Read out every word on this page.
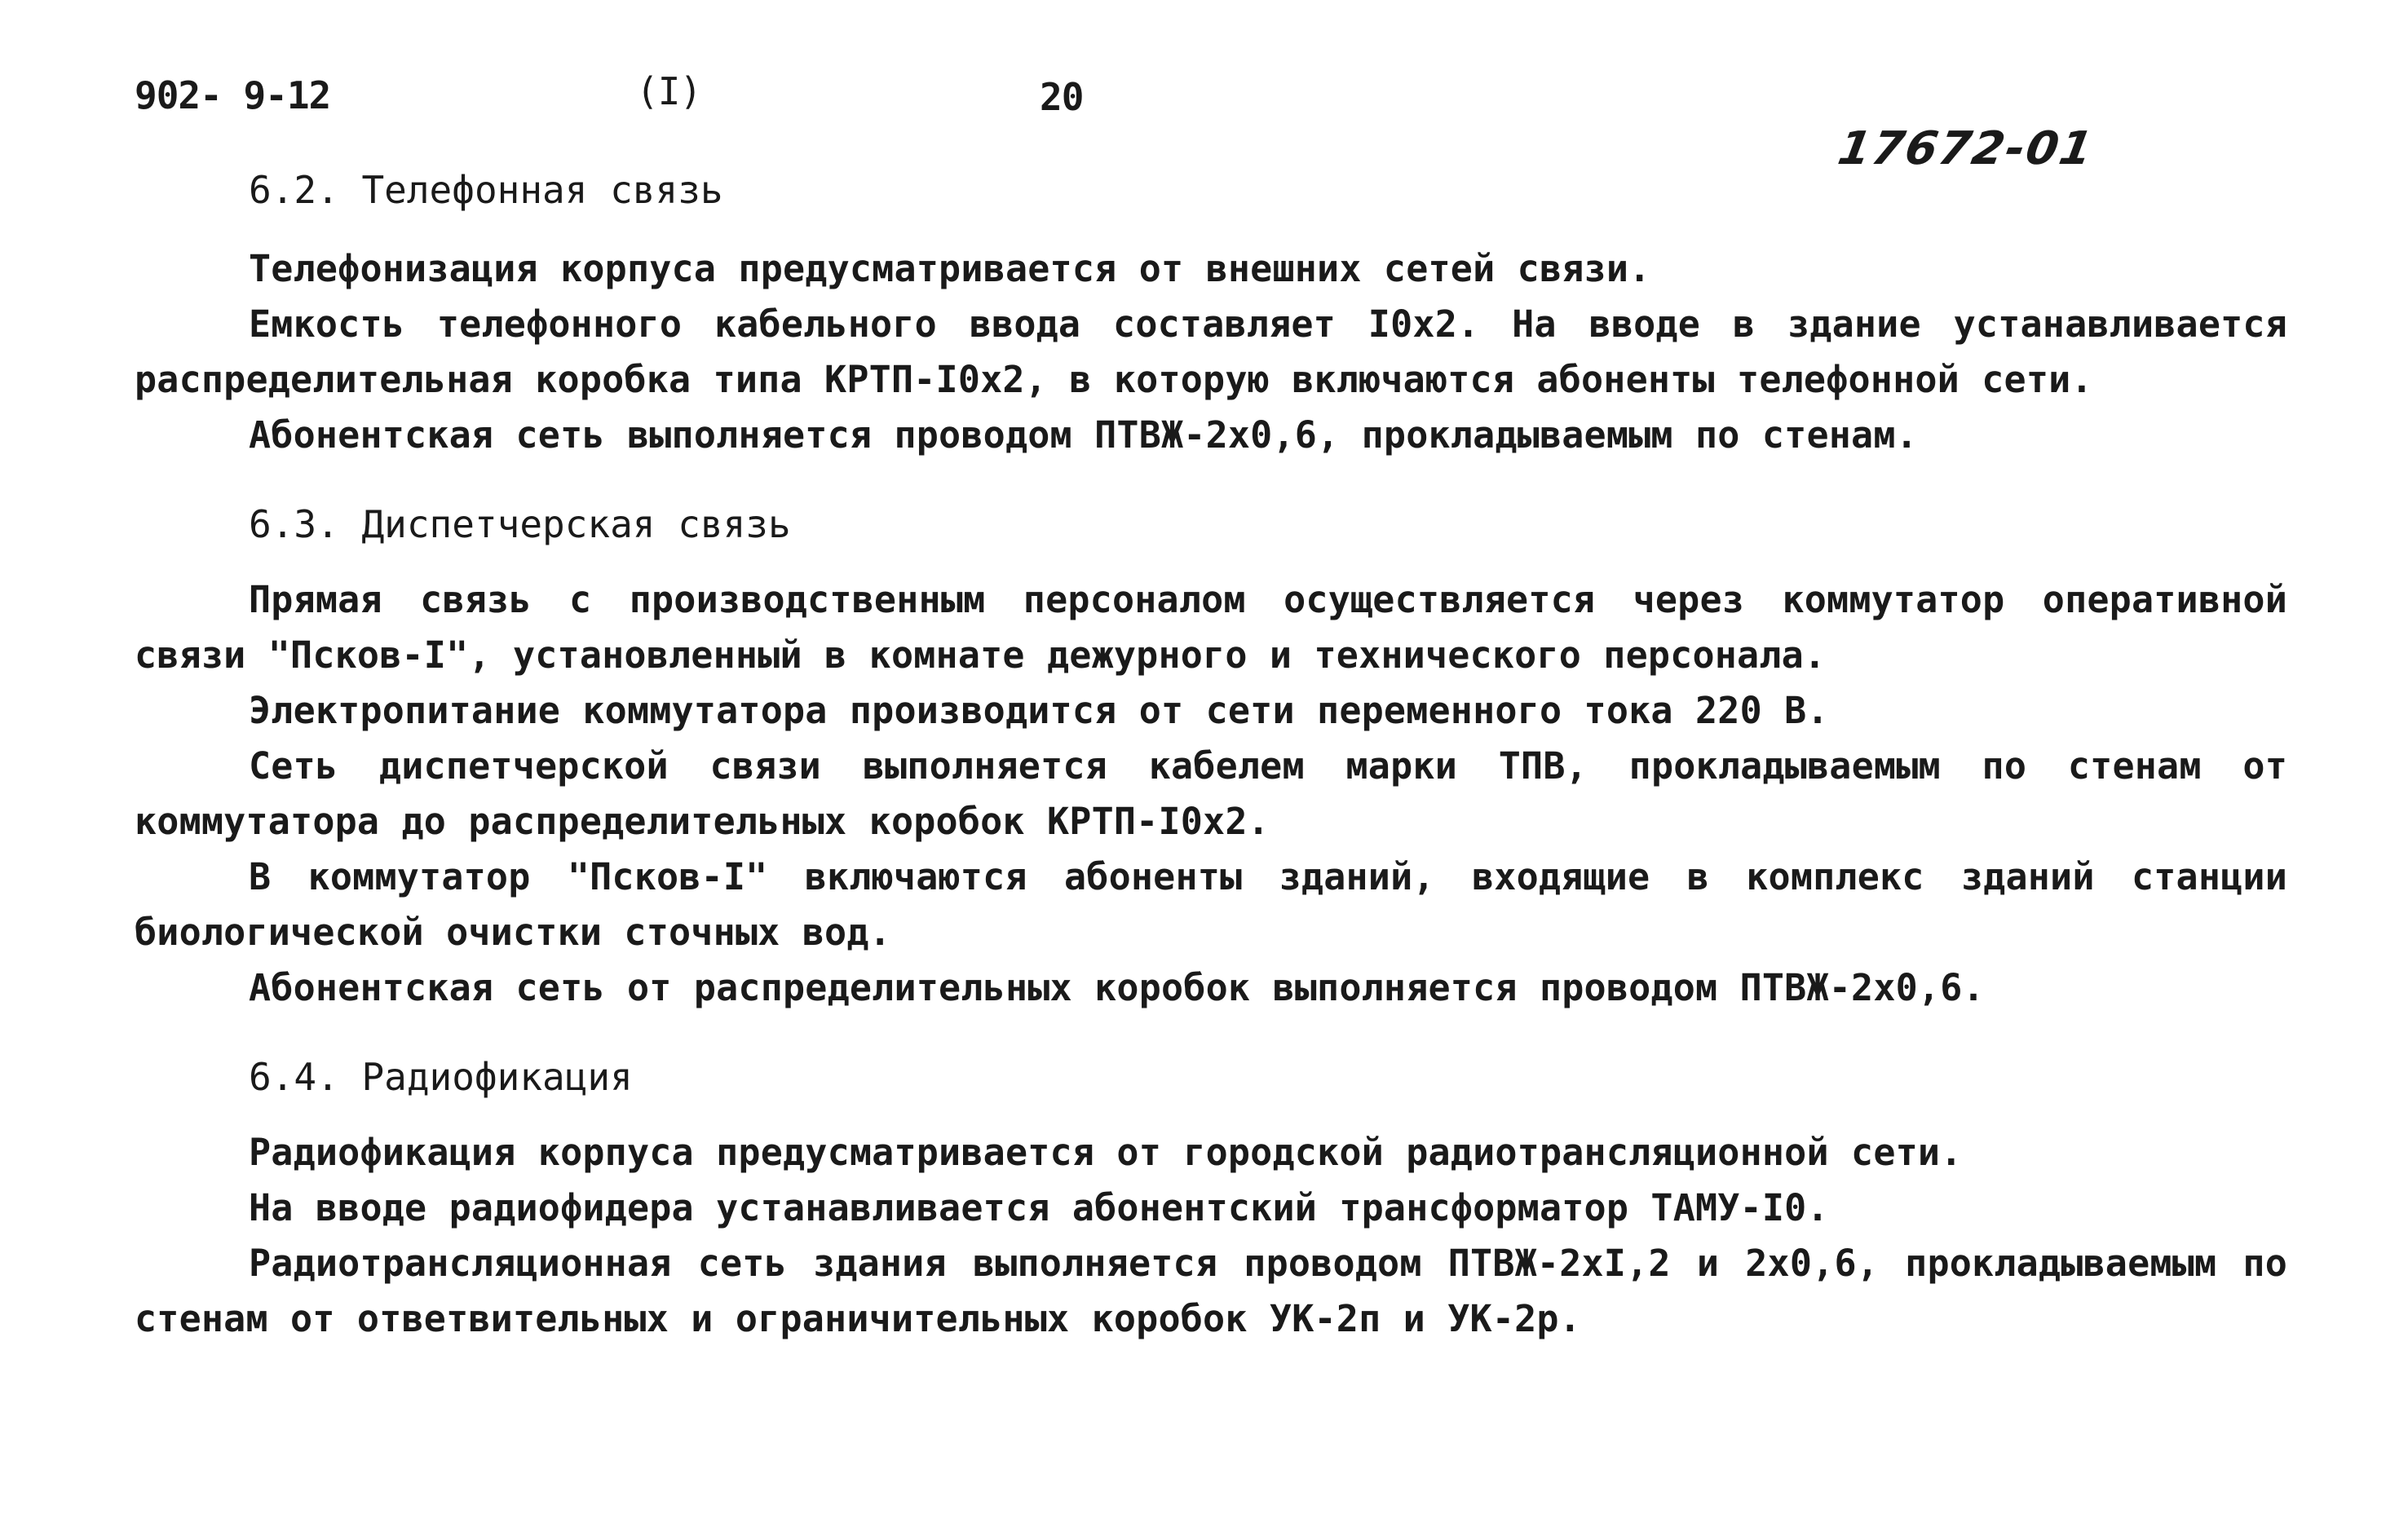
902- 9-12	(I)	20
17672-01
6.2. Телефонная связь
Телефонизация корпуса предусматривается от внешних сетей связи.
Емкость телефонного кабельного ввода составляет I0x2. На вводе в здание устанавливается распределительная коробка типа КРТП-I0x2, в которую включаются абоненты телефонной сети.
Абонентская сеть выполняется проводом ПТВЖ-2х0,6, прокладываемым по стенам.
6.3. Диспетчерская связь
Прямая связь с производственным персоналом осуществляется через коммутатор оперативной связи "Псков-I", установленный в комнате дежурного и технического персонала.
Электропитание коммутатора производится от сети переменного тока 220 В.
Сеть диспетчерской связи выполняется кабелем марки ТПВ, прокладываемым по стенам от коммутатора до распределительных коробок КРТП-I0x2.
В коммутатор "Псков-I" включаются абоненты зданий, входящие в комплекс зданий станции биологической очистки сточных вод.
Абонентская сеть от распределительных коробок выполняется проводом ПТВЖ-2х0,6.
6.4. Радиофикация
Радиофикация корпуса предусматривается от городской радиотрансляционной сети.
На вводе радиофидера устанавливается абонентский трансформатор ТАМУ-I0.
Радиотрансляционная сеть здания выполняется проводом ПТВЖ-2хI,2 и 2х0,6, прокладываемым по стенам от ответвительных и ограничительных коробок УК-2п и УК-2р.
